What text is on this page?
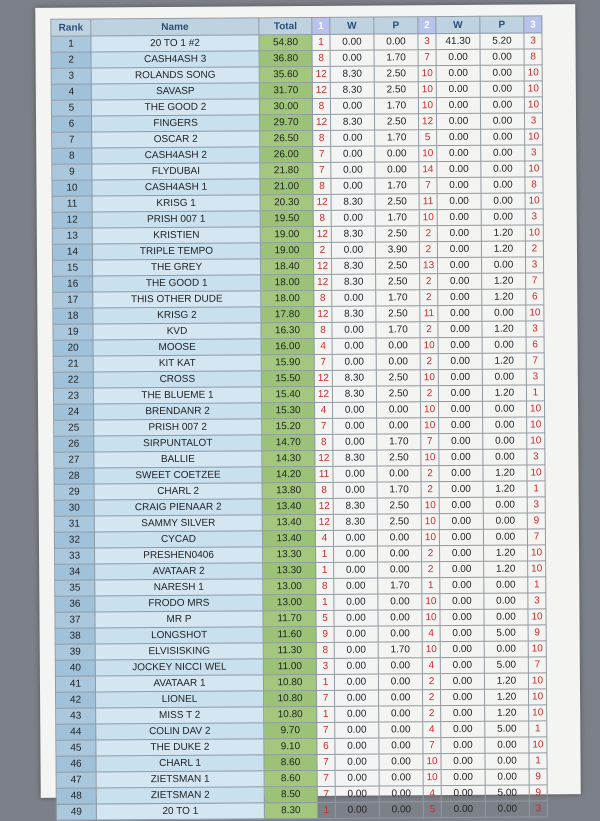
Rank	Name	Total	1	W	P	2	W	P	3
1	20 TO 1 #2	54.80	1	0.00	0.00	3	41.30	5.20	3
2	CASH4ASH 3	36.80	8	0.00	1.70	7	0.00	0.00	8
3	ROLANDS SONG	35.60	12	8.30	2.50	10	0.00	0.00	10
4	SAVASP	31.70	12	8.30	2.50	10	0.00	0.00	10
5	THE GOOD 2	30.00	8	0.00	1.70	10	0.00	0.00	10
6	FINGERS	29.70	12	8.30	2.50	12	0.00	0.00	3
7	OSCAR 2	26.50	8	0.00	1.70	5	0.00	0.00	10
8	CASH4ASH 2	26.00	7	0.00	0.00	10	0.00	0.00	3
9	FLYDUBAI	21.80	7	0.00	0.00	14	0.00	0.00	10
10	CASH4ASH 1	21.00	8	0.00	1.70	7	0.00	0.00	8
11	KRISG 1	20.30	12	8.30	2.50	11	0.00	0.00	10
12	PRISH 007 1	19.50	8	0.00	1.70	10	0.00	0.00	3
13	KRISTIEN	19.00	12	8.30	2.50	2	0.00	1.20	10
14	TRIPLE TEMPO	19.00	2	0.00	3.90	2	0.00	1.20	2
15	THE GREY	18.40	12	8.30	2.50	13	0.00	0.00	3
16	THE GOOD 1	18.00	12	8.30	2.50	2	0.00	1.20	7
17	THIS OTHER DUDE	18.00	8	0.00	1.70	2	0.00	1.20	6
18	KRISG 2	17.80	12	8.30	2.50	11	0.00	0.00	10
19	KVD	16.30	8	0.00	1.70	2	0.00	1.20	3
20	MOOSE	16.00	4	0.00	0.00	10	0.00	0.00	6
21	KIT KAT	15.90	7	0.00	0.00	2	0.00	1.20	7
22	CROSS	15.50	12	8.30	2.50	10	0.00	0.00	3
23	THE BLUEME 1	15.40	12	8.30	2.50	2	0.00	1.20	1
24	BRENDANR 2	15.30	4	0.00	0.00	10	0.00	0.00	10
25	PRISH 007 2	15.20	7	0.00	0.00	10	0.00	0.00	10
26	SIRPUNTALOT	14.70	8	0.00	1.70	7	0.00	0.00	10
27	BALLIE	14.30	12	8.30	2.50	10	0.00	0.00	3
28	SWEET COETZEE	14.20	11	0.00	0.00	2	0.00	1.20	10
29	CHARL 2	13.80	8	0.00	1.70	2	0.00	1.20	1
30	CRAIG PIENAAR 2	13.40	12	8.30	2.50	10	0.00	0.00	3
31	SAMMY SILVER	13.40	12	8.30	2.50	10	0.00	0.00	9
32	CYCAD	13.40	4	0.00	0.00	10	0.00	0.00	7
33	PRESHEN0406	13.30	1	0.00	0.00	2	0.00	1.20	10
34	AVATAAR 2	13.30	1	0.00	0.00	2	0.00	1.20	10
35	NARESH 1	13.00	8	0.00	1.70	1	0.00	0.00	1
36	FRODO MRS	13.00	1	0.00	0.00	10	0.00	0.00	3
37	MR P	11.70	5	0.00	0.00	10	0.00	0.00	10
38	LONGSHOT	11.60	9	0.00	0.00	4	0.00	5.00	9
39	ELVISISKING	11.30	8	0.00	1.70	10	0.00	0.00	10
40	JOCKEY NICCI WEL	11.00	3	0.00	0.00	4	0.00	5.00	7
41	AVATAAR 1	10.80	1	0.00	0.00	2	0.00	1.20	10
42	LIONEL	10.80	7	0.00	0.00	2	0.00	1.20	10
43	MISS T 2	10.80	1	0.00	0.00	2	0.00	1.20	10
44	COLIN DAV 2	9.70	7	0.00	0.00	4	0.00	5.00	1
45	THE DUKE 2	9.10	6	0.00	0.00	7	0.00	0.00	10
46	CHARL 1	8.60	7	0.00	0.00	10	0.00	0.00	1
47	ZIETSMAN 1	8.60	7	0.00	0.00	10	0.00	0.00	9
48	ZIETSMAN 2	8.50	7	0.00	0.00	4	0.00	5.00	9
49	20 TO 1	8.30	1	0.00	0.00	5	0.00	0.00	3
